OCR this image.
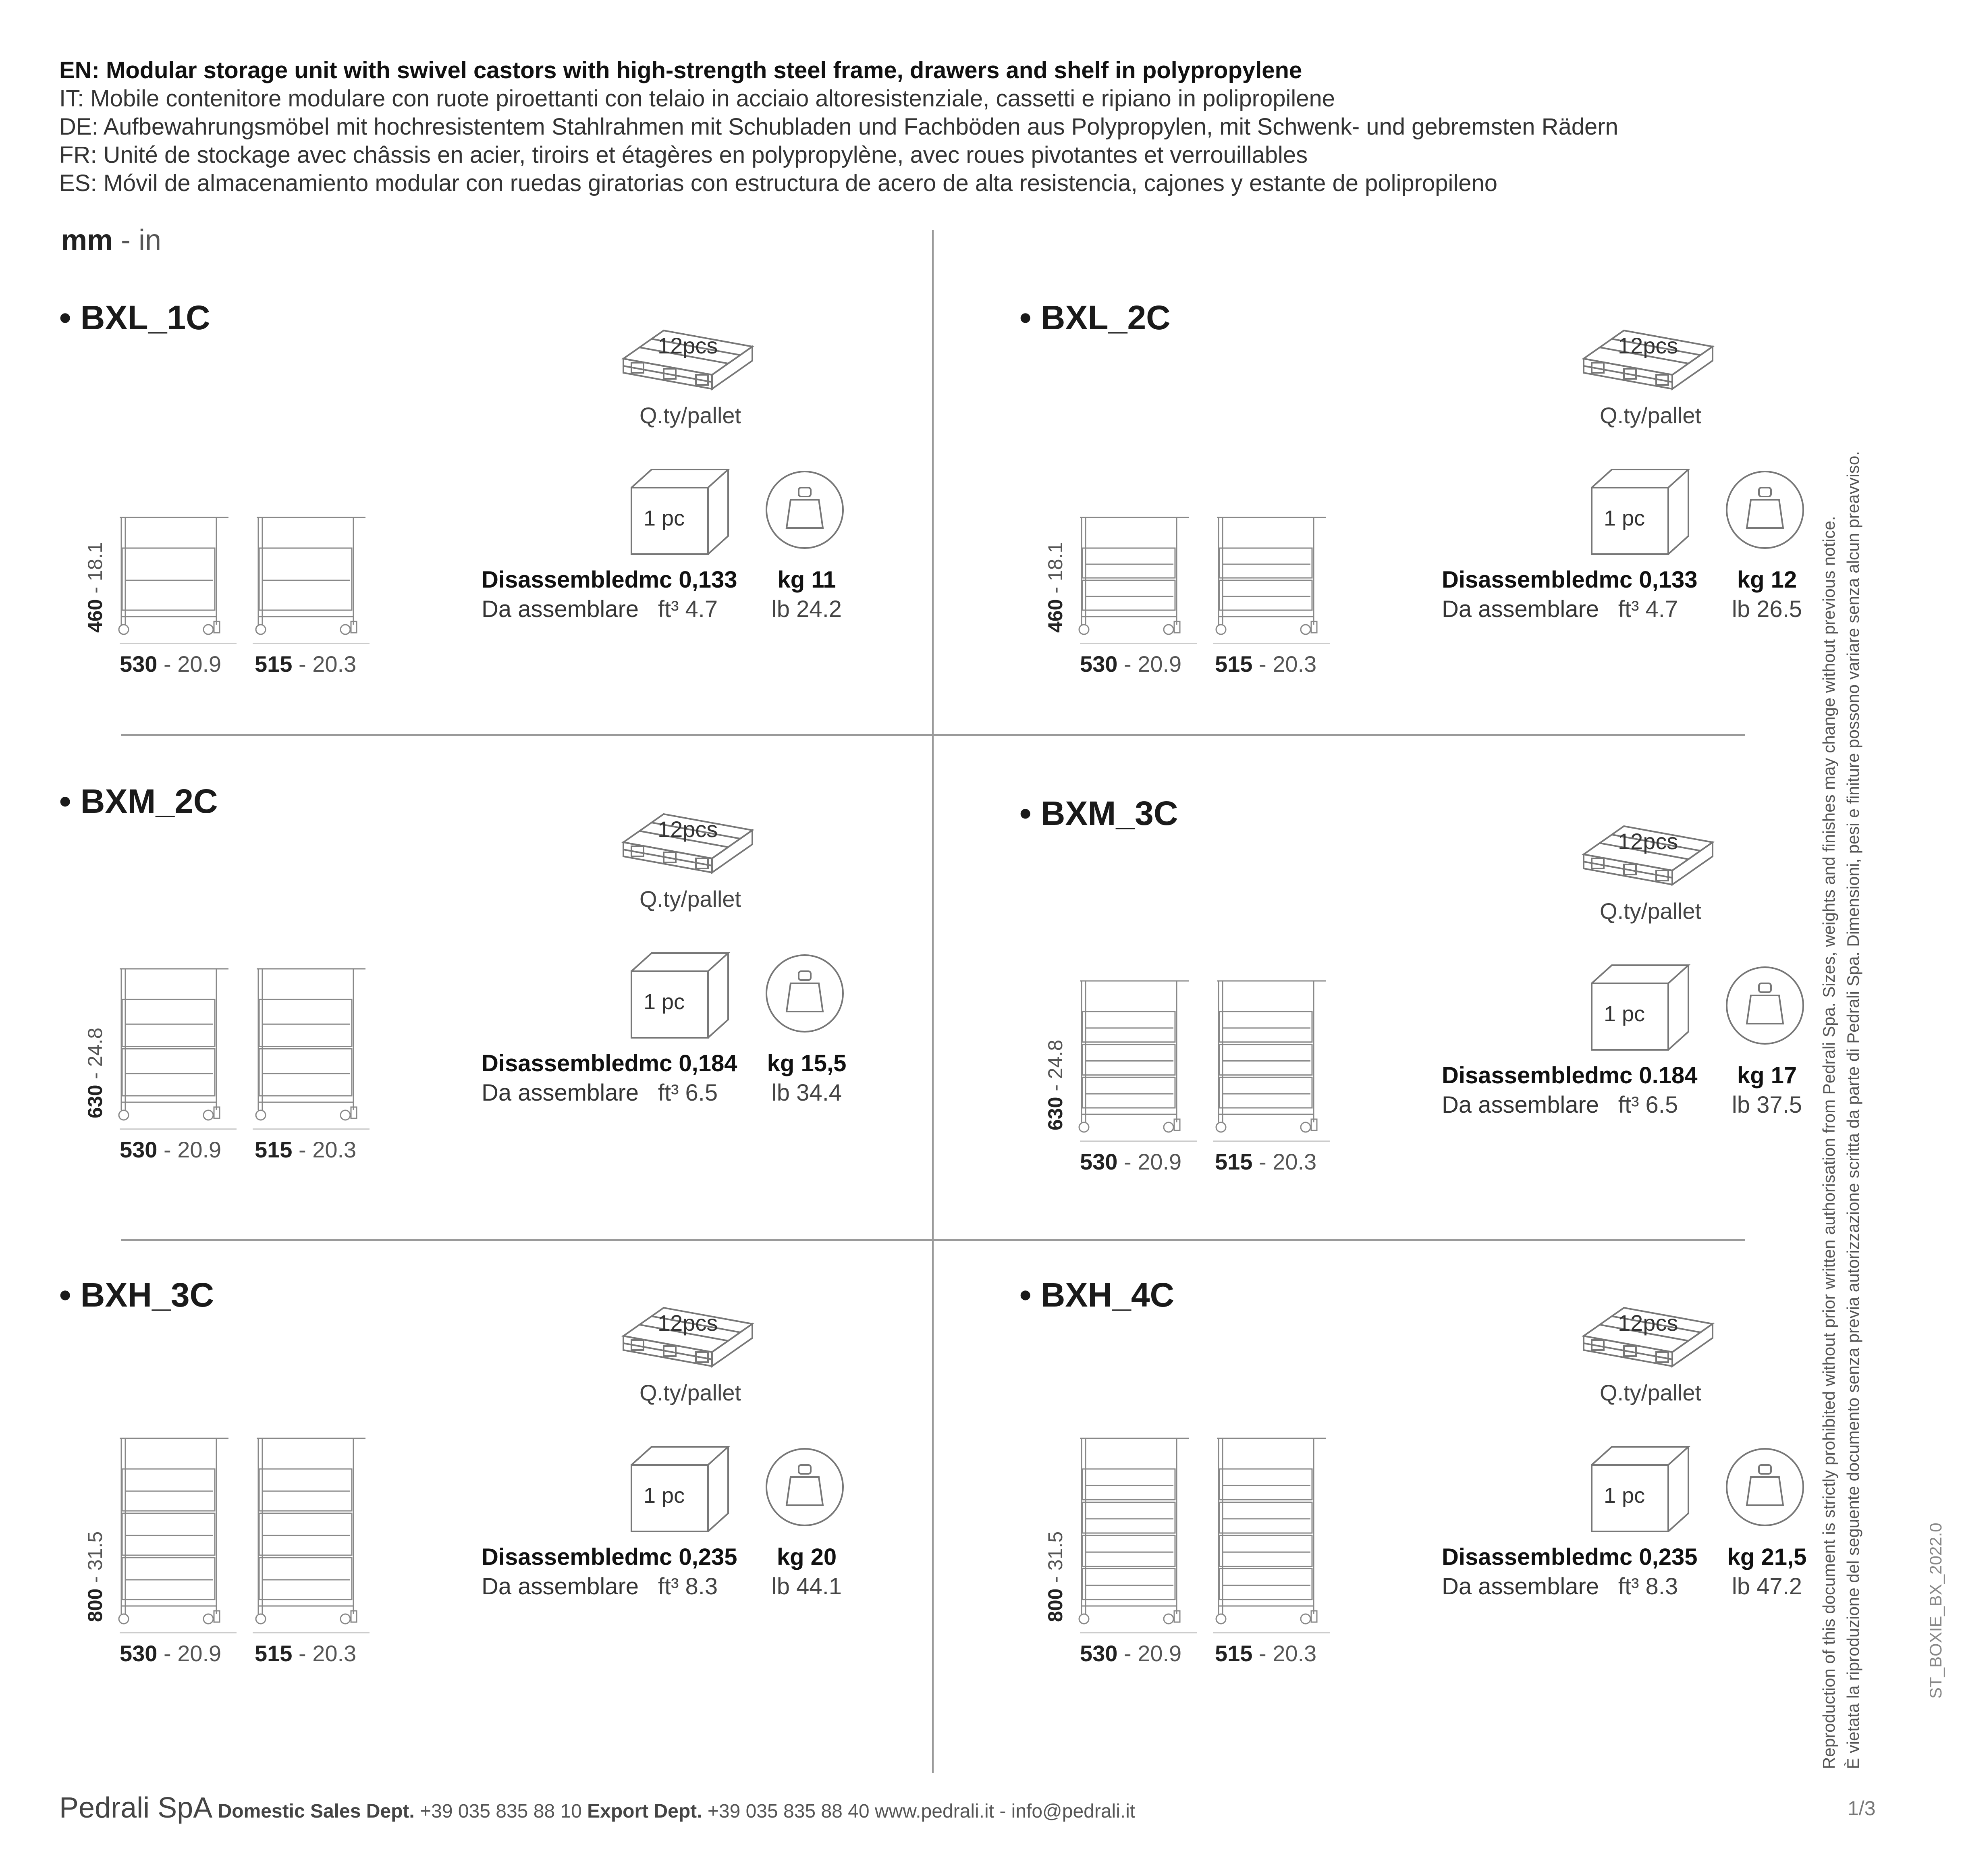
EN: Modular storage unit with swivel castors with high-strength steel frame, drawers and shelf in polypropylene
IT: Mobile contenitore modulare con ruote piroettanti con telaio in acciaio altoresistenziale, cassetti e ripiano in polipropilene
DE: Aufbewahrungsmöbel mit hochresistentem Stahlrahmen mit Schubladen und Fachböden aus Polypropylen, mit Schwenk- und gebremsten Rädern
FR: Unité de stockage avec châssis en acier, tiroirs et étagères en polypropylène, avec roues pivotantes et verrouillables
ES: Móvil de almacenamiento modular con ruedas giratorias con estructura de acero de alta resistencia, cajones y estante de polipropileno
mm - in
• BXL_1C
12pcs
Q.ty/pallet
1 pc
Disassembled
Da assemblare
mc 0,133
ft³ 4.7
kg 11
lb 24.2
460 - 18.1
530 - 20.9 515 - 20.3
• BXL_2C
12pcs
Q.ty/pallet
1 pc
Disassembled
Da assemblare
mc 0,133
ft³ 4.7
kg 12
lb 26.5
460 - 18.1
530 - 20.9 515 - 20.3
• BXM_2C
12pcs
Q.ty/pallet
1 pc
Disassembled
Da assemblare
mc 0,184
ft³ 6.5
kg 15,5
lb 34.4
630 - 24.8
530 - 20.9 515 - 20.3
• BXM_3C
12pcs
Q.ty/pallet
1 pc
Disassembled
Da assemblare
mc 0.184
ft³ 6.5
kg 17
lb 37.5
630 - 24.8
530 - 20.9 515 - 20.3
• BXH_3C
12pcs
Q.ty/pallet
1 pc
Disassembled
Da assemblare
mc 0,235
ft³ 8.3
kg 20
lb 44.1
800 - 31.5
530 - 20.9 515 - 20.3
• BXH_4C
12pcs
Q.ty/pallet
1 pc
Disassembled
Da assemblare
mc 0,235
ft³ 8.3
kg 21,5
lb 47.2
800 - 31.5
530 - 20.9 515 - 20.3	Reproduction of this document is strictly prohibited without prior written authorisation from Pedrali Spa. Sizes, weights and finishes may change without previous notice. È vietata la riproduzione del seguente documento senza previa autorizzazione scritta da parte di Pedrali Spa. Dimensioni, pesi e finiture possono variare senza alcun preavviso.	ST_BOXIE_BX_2022.0
Pedrali SpA Domestic Sales Dept. +39 035 835 88 10 Export Dept. +39 035 835 88 40 www.pedrali.it - info@pedrali.it	1/3
